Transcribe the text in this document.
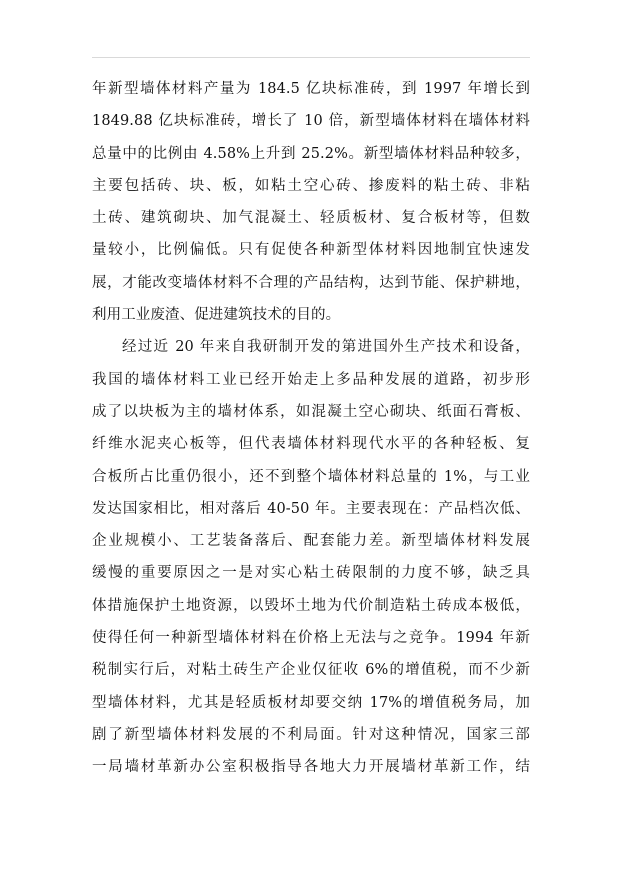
年新型墙体材料产量为 184.5 亿块标准砖，到 1997 年增长到
1849.88 亿块标准砖，增长了 10 倍，新型墙体材料在墙体材料
总量中的比例由 4.58%上升到 25.2%。新型墙体材料品种较多，
主要包括砖、块、板，如粘土空心砖、掺废料的粘土砖、非粘
土砖、建筑砌块、加气混凝土、轻质板材、复合板材等，但数
量较小，比例偏低。只有促使各种新型体材料因地制宜快速发
展，才能改变墙体材料不合理的产品结构，达到节能、保护耕地，
利用工业废渣、促进建筑技术的目的。
经过近 20 年来自我研制开发的第进国外生产技术和设备，
我国的墙体材料工业已经开始走上多品种发展的道路，初步形
成了以块板为主的墙材体系，如混凝土空心砌块、纸面石膏板、
纤维水泥夹心板等，但代表墙体材料现代水平的各种轻板、复
合板所占比重仍很小，还不到整个墙体材料总量的 1%，与工业
发达国家相比，相对落后 40-50 年。主要表现在：产品档次低、
企业规模小、工艺装备落后、配套能力差。新型墙体材料发展
缓慢的重要原因之一是对实心粘土砖限制的力度不够，缺乏具
体措施保护土地资源，以毁坏土地为代价制造粘土砖成本极低，
使得任何一种新型墙体材料在价格上无法与之竞争。1994 年新
税制实行后，对粘土砖生产企业仅征收 6%的增值税，而不少新
型墙体材料，尤其是轻质板材却要交纳 17%的增值税务局，加
剧了新型墙体材料发展的不利局面。针对这种情况，国家三部
一局墙材革新办公室积极指导各地大力开展墙材革新工作，结
